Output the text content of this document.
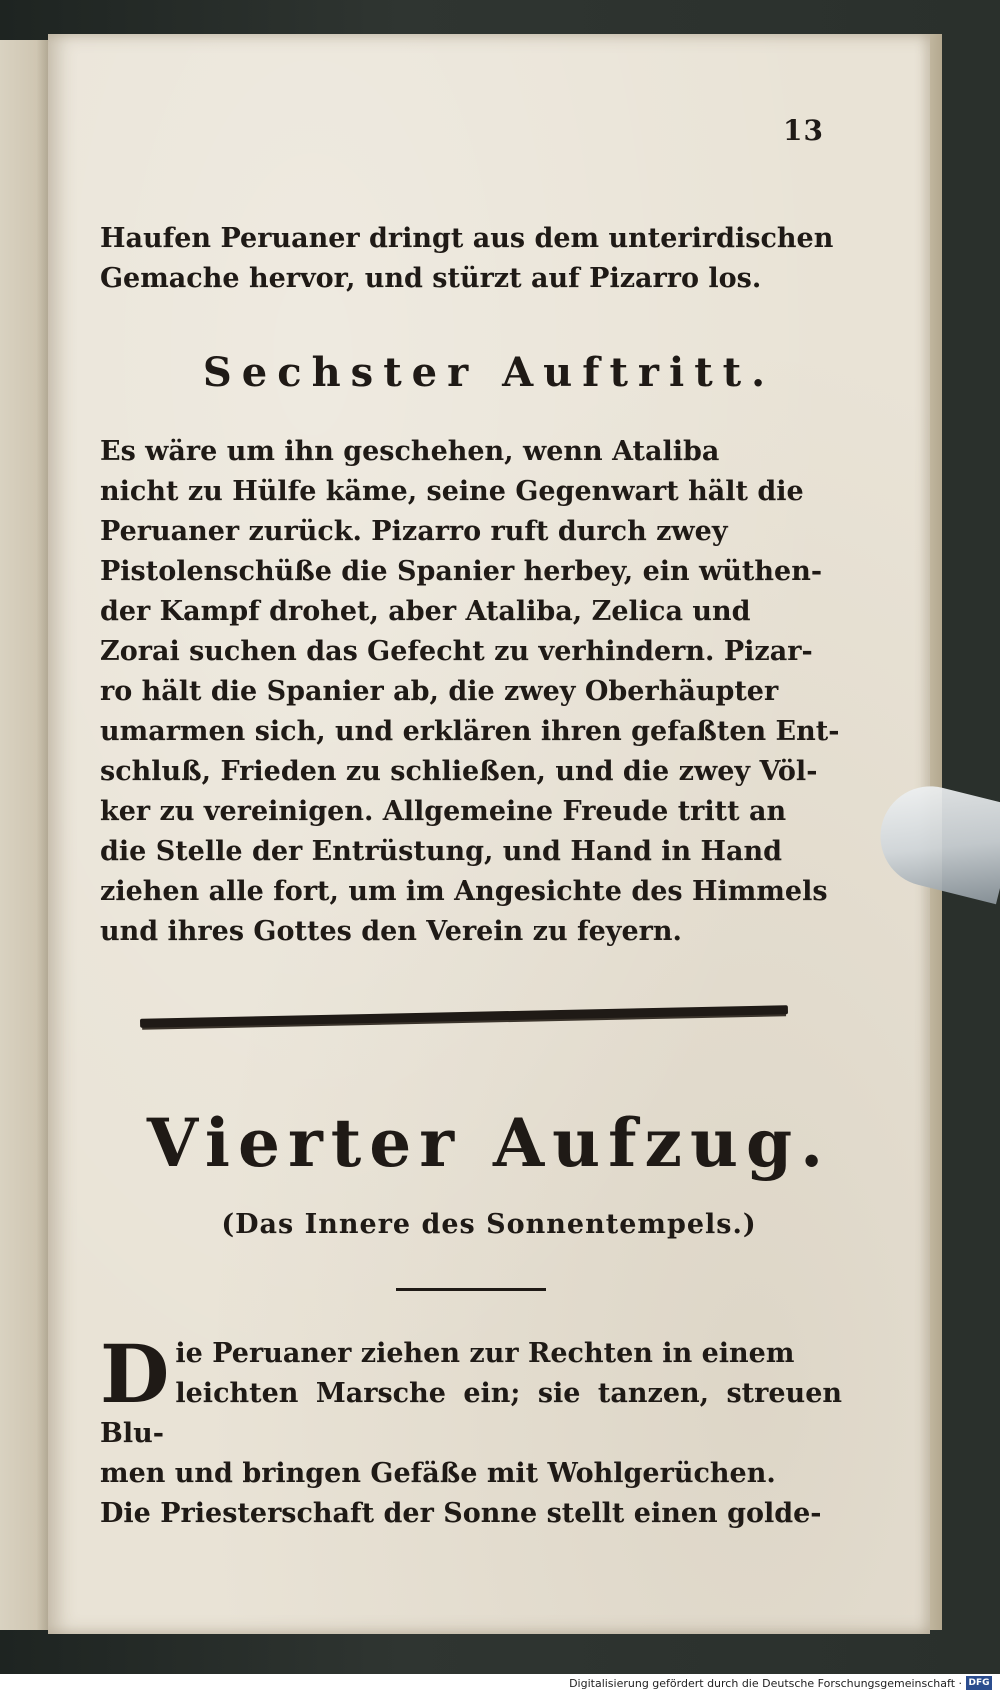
13
Haufen Peruaner dringt aus dem unterirdischen
Gemache hervor, und stürzt auf Pizarro los.
Sechster Auftritt.
Es wäre um ihn geschehen, wenn Ataliba
nicht zu Hülfe käme, seine Gegenwart hält die
Peruaner zurück. Pizarro ruft durch zwey
Pistolenschüße die Spanier herbey, ein wüthen-
der Kampf drohet, aber Ataliba, Zelica und
Zorai suchen das Gefecht zu verhindern. Pizar-
ro hält die Spanier ab, die zwey Oberhäupter
umarmen sich, und erklären ihren gefaßten Ent-
schluß, Frieden zu schließen, und die zwey Völ-
ker zu vereinigen. Allgemeine Freude tritt an
die Stelle der Entrüstung, und Hand in Hand
ziehen alle fort, um im Angesichte des Himmels
und ihres Gottes den Verein zu feyern.
Vierter Aufzug.
(Das Innere des Sonnentempels.)
Die Peruaner ziehen zur Rechten in einem
leichten Marsche ein; sie tanzen, streuen Blu-
men und bringen Gefäße mit Wohlgerüchen.
Die Priesterschaft der Sonne stellt einen golde-
Digitalisierung gefördert durch die Deutsche Forschungsgemeinschaft · DFG
